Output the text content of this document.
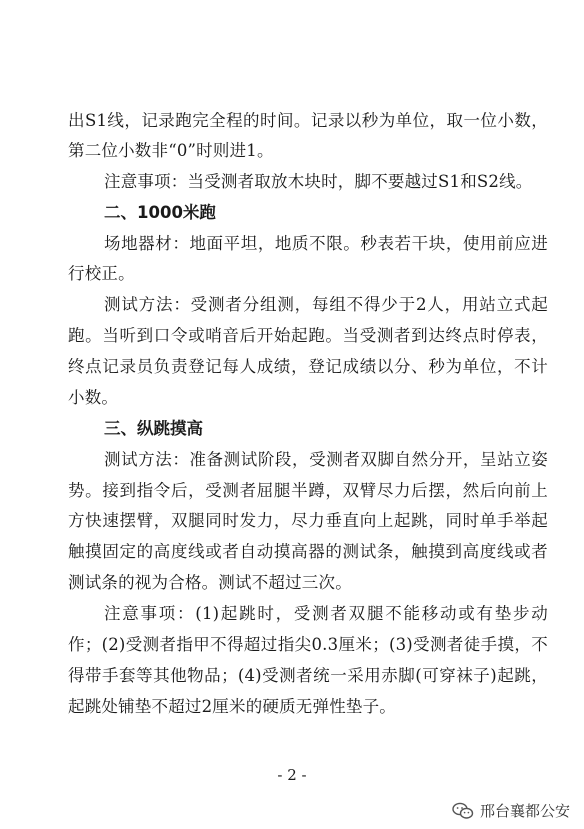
出S1线，记录跑完全程的时间。记录以秒为单位，取一位小数，
第二位小数非“0”时则进1。
注意事项：当受测者取放木块时，脚不要越过S1和S2线。
二、1000米跑
场地器材：地面平坦，地质不限。秒表若干块，使用前应进
行校正。
测试方法：受测者分组测，每组不得少于2人，用站立式起
跑。当听到口令或哨音后开始起跑。当受测者到达终点时停表，
终点记录员负责登记每人成绩，登记成绩以分、秒为单位，不计
小数。
三、纵跳摸高
测试方法：准备测试阶段，受测者双脚自然分开，呈站立姿
势。接到指令后，受测者屈腿半蹲，双臂尽力后摆，然后向前上
方快速摆臂，双腿同时发力，尽力垂直向上起跳，同时单手举起
触摸固定的高度线或者自动摸高器的测试条，触摸到高度线或者
测试条的视为合格。测试不超过三次。
注意事项：(1)起跳时，受测者双腿不能移动或有垫步动
作；(2)受测者指甲不得超过指尖0.3厘米；(3)受测者徒手摸，不
得带手套等其他物品；(4)受测者统一采用赤脚(可穿袜子)起跳，
起跳处铺垫不超过2厘米的硬质无弹性垫子。
- 2 -
邢台襄都公安
